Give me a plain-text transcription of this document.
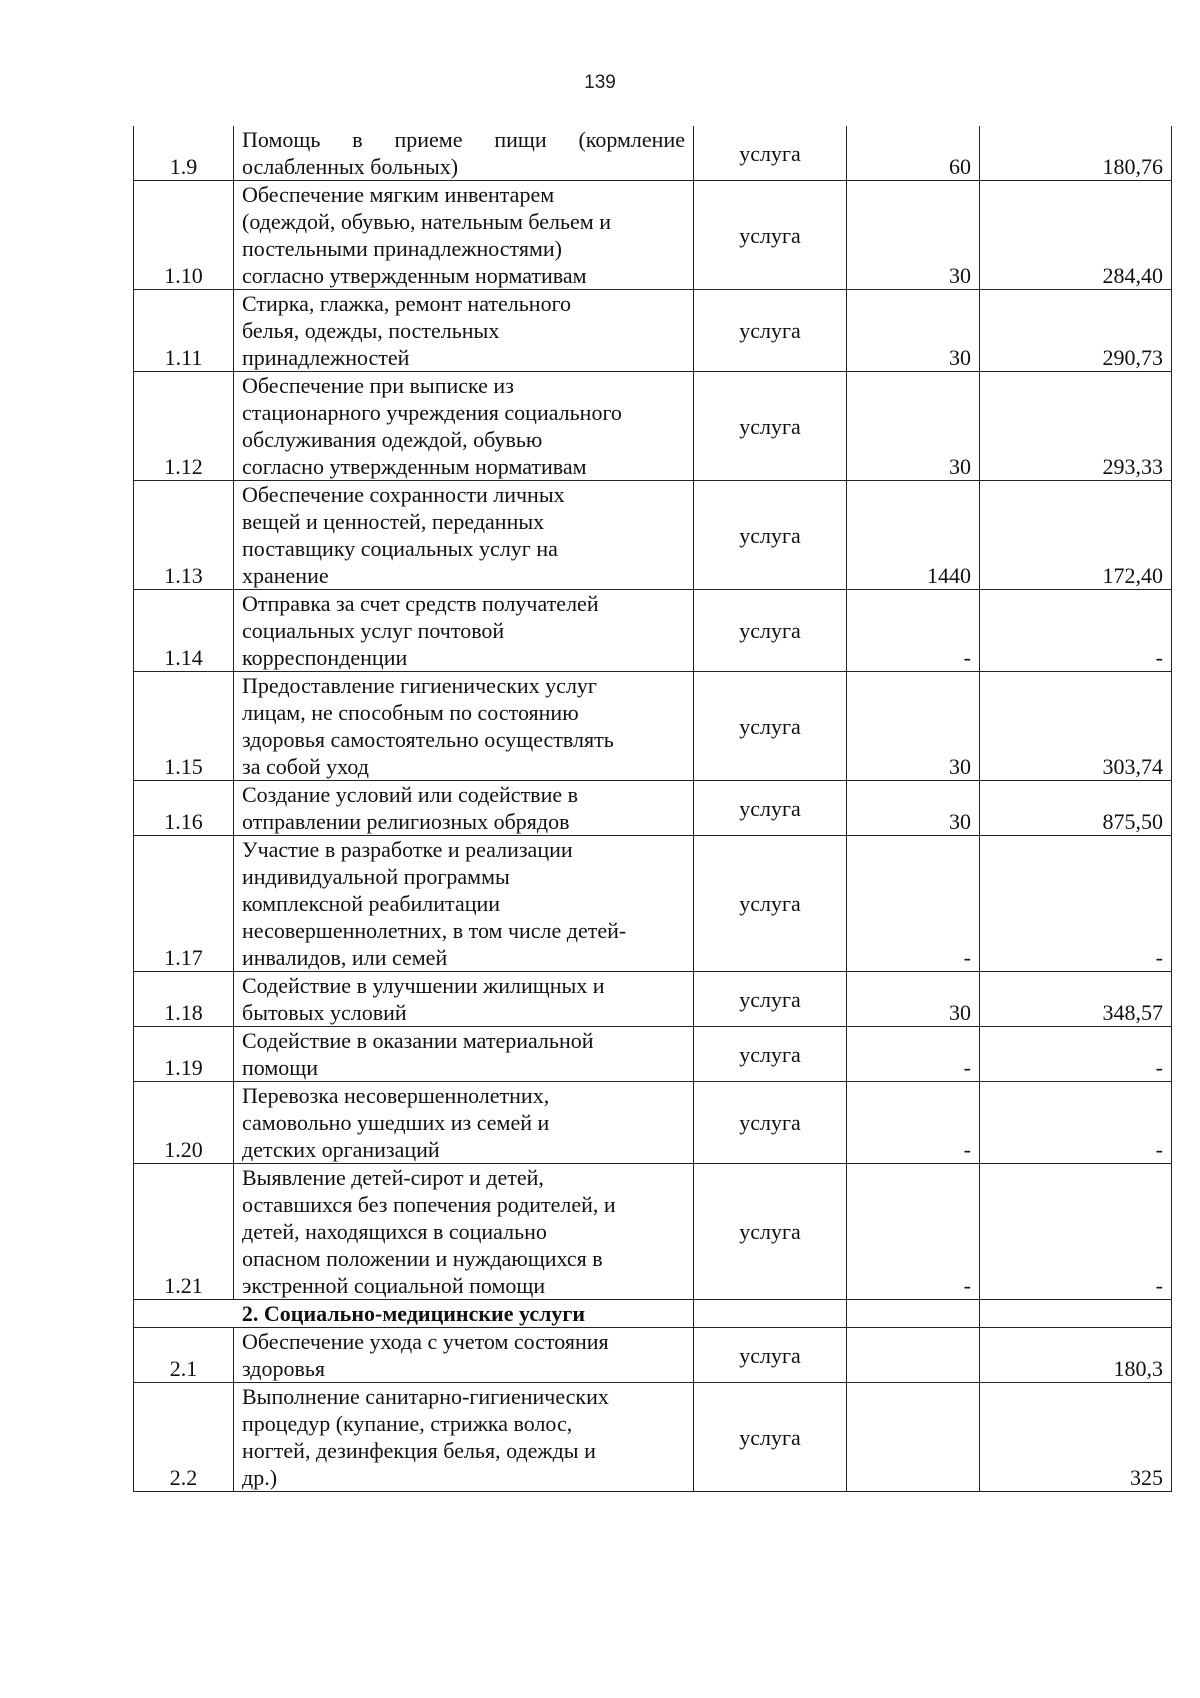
139
1.9	Помощь в приеме пищи (кормление
ослабленных больных)	услуга	60	180,76
1.10	Обеспечение мягким инвентарем
(одеждой, обувью, нательным бельем и
постельными принадлежностями)
согласно утвержденным нормативам	услуга	30	284,40
1.11	Стирка, глажка, ремонт нательного
белья, одежды, постельных
принадлежностей	услуга	30	290,73
1.12	Обеспечение при выписке из
стационарного учреждения социального
обслуживания одеждой, обувью
согласно утвержденным нормативам	услуга	30	293,33
1.13	Обеспечение сохранности личных
вещей и ценностей, переданных
поставщику социальных услуг на
хранение	услуга	1440	172,40
1.14	Отправка за счет средств получателей
социальных услуг почтовой
корреспонденции	услуга	-	-
1.15	Предоставление гигиенических услуг
лицам, не способным по состоянию
здоровья самостоятельно осуществлять
за собой уход	услуга	30	303,74
1.16	Создание условий или содействие в
отправлении религиозных обрядов	услуга	30	875,50
1.17	Участие в разработке и реализации
индивидуальной программы
комплексной реабилитации
несовершеннолетних, в том числе детей-
инвалидов, или семей	услуга	-	-
1.18	Содействие в улучшении жилищных и
бытовых условий	услуга	30	348,57
1.19	Содействие в оказании материальной
помощи	услуга	-	-
1.20	Перевозка несовершеннолетних,
самовольно ушедших из семей и
детских организаций	услуга	-	-
1.21	Выявление детей-сирот и детей,
оставшихся без попечения родителей, и
детей, находящихся в социально
опасном положении и нуждающихся в
экстренной социальной помощи	услуга	-	-
2. Социально-медицинские услуги				
2.1	Обеспечение ухода с учетом состояния
здоровья	услуга		180,3
2.2	Выполнение санитарно-гигиенических
процедур (купание, стрижка волос,
ногтей, дезинфекция белья, одежды и
др.)	услуга		325
